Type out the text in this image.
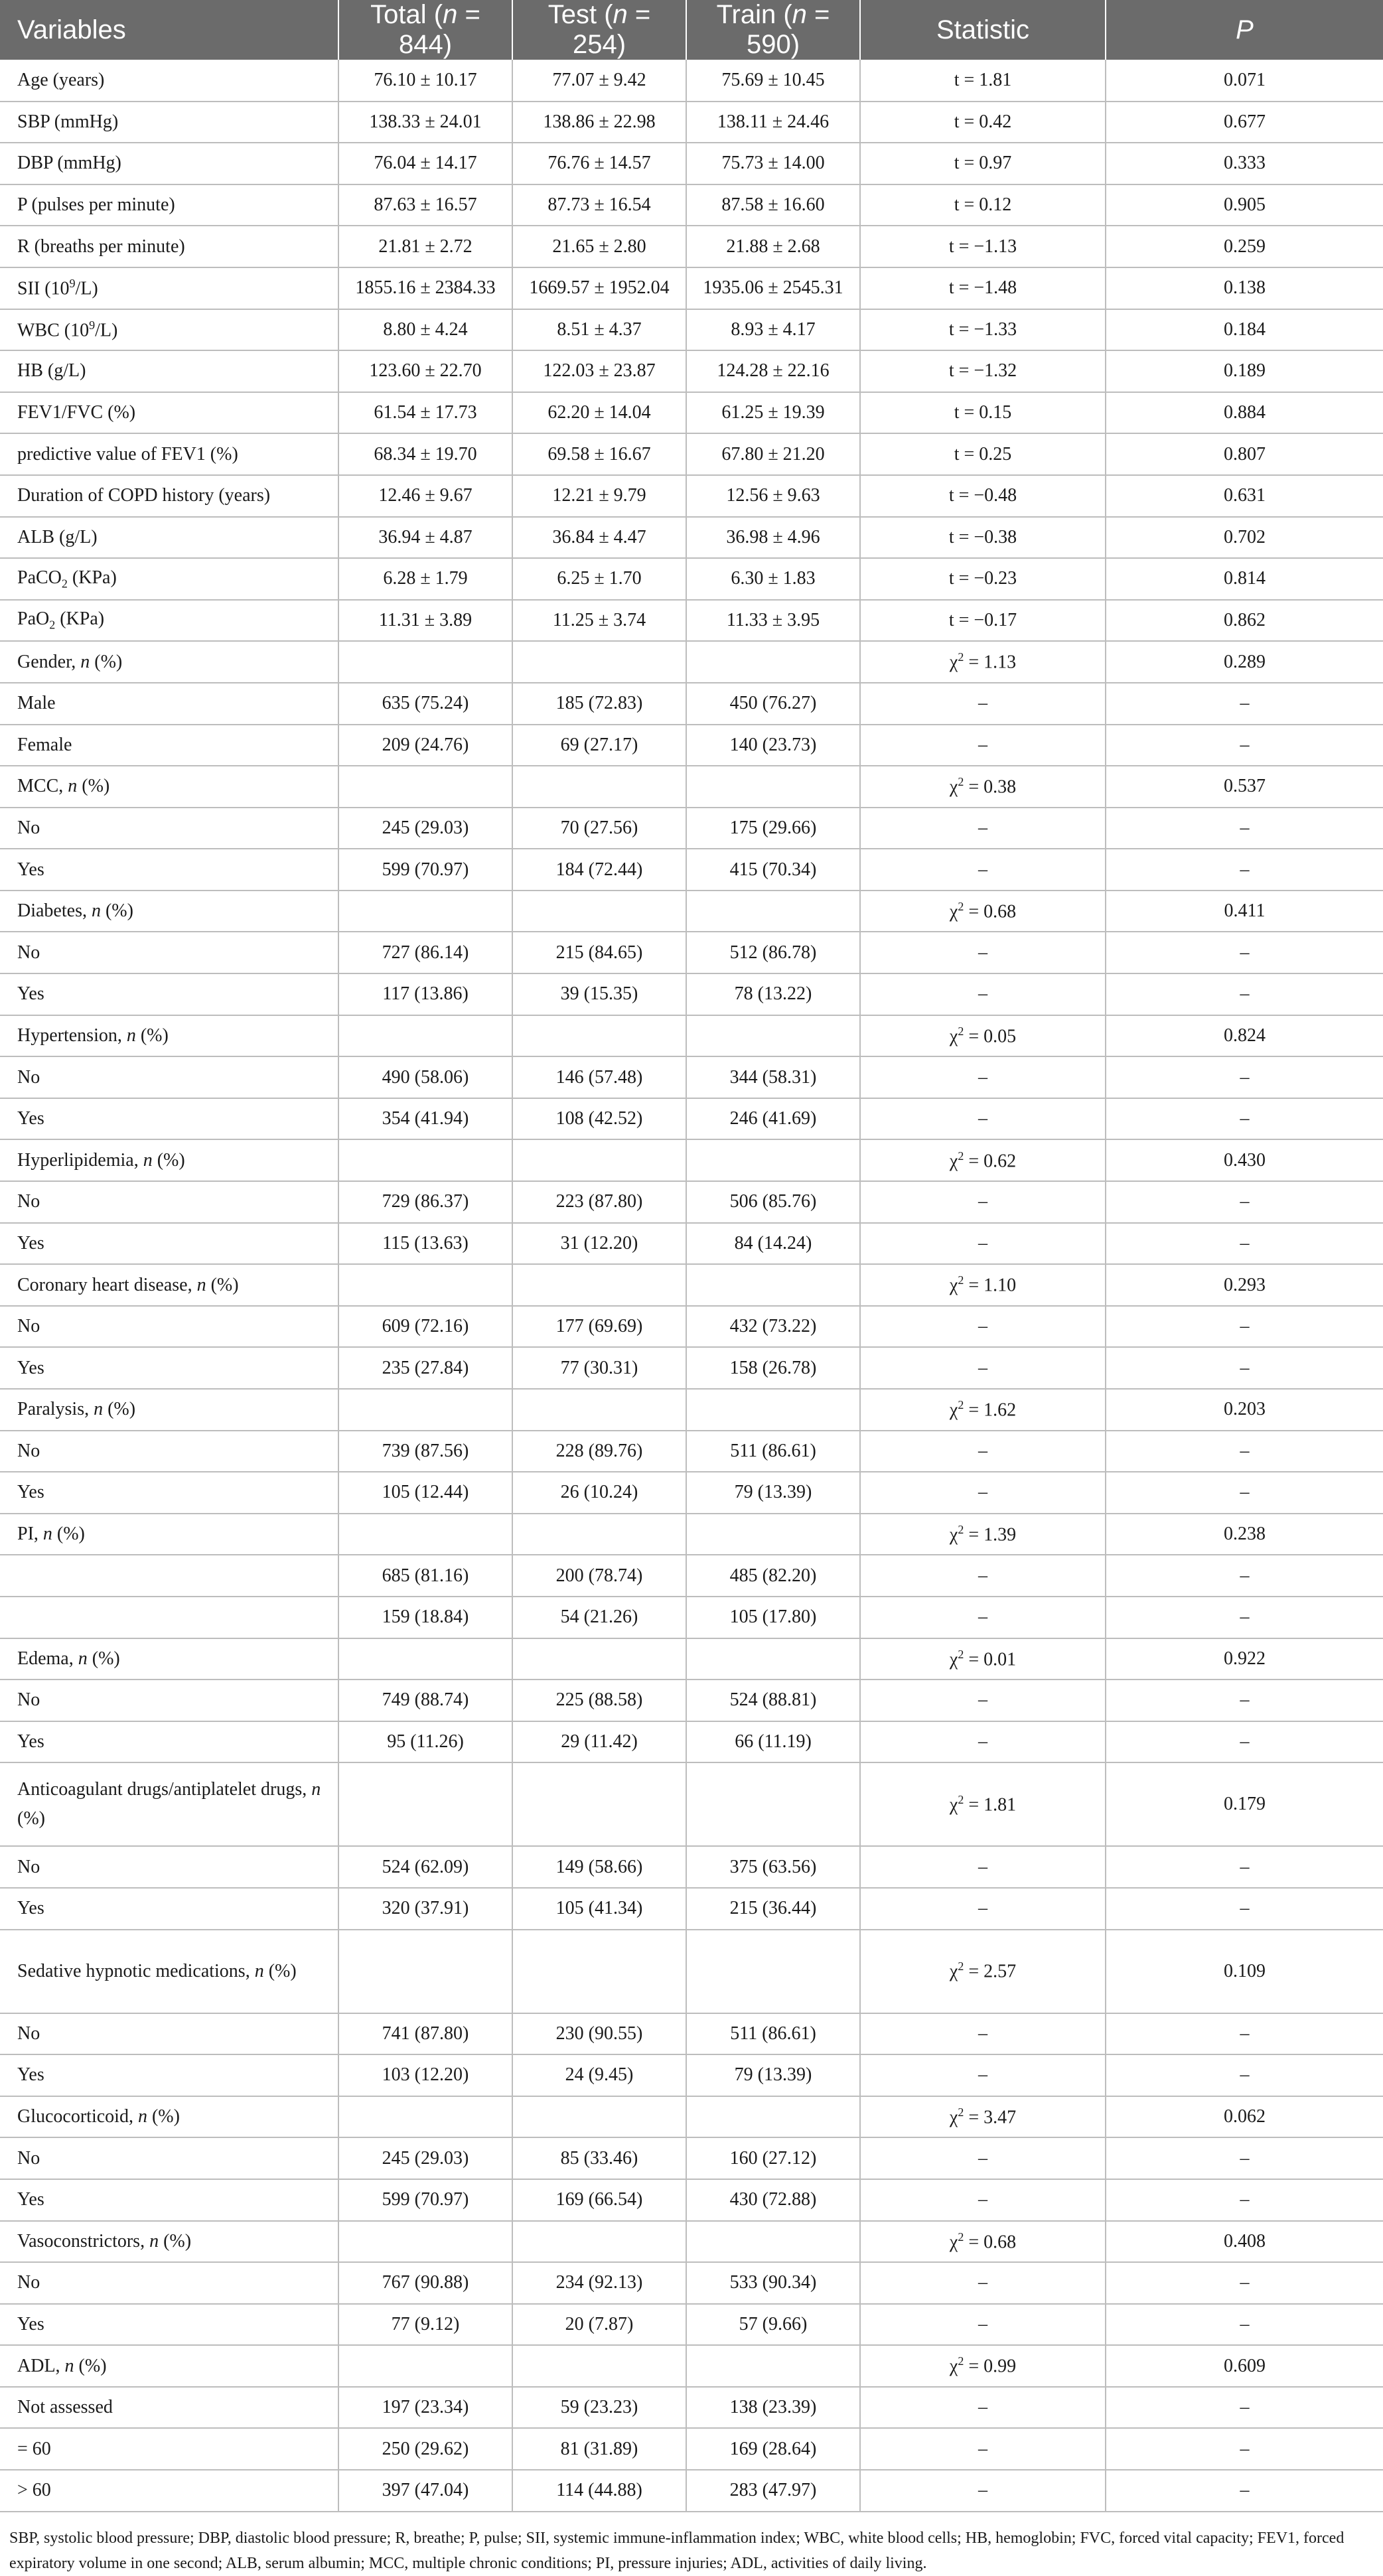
Variables	Total (n = 844)	Test (n = 254)	Train (n = 590)	Statistic	P
Age (years)	76.10 ± 10.17	77.07 ± 9.42	75.69 ± 10.45	t = 1.81	0.071
SBP (mmHg)	138.33 ± 24.01	138.86 ± 22.98	138.11 ± 24.46	t = 0.42	0.677
DBP (mmHg)	76.04 ± 14.17	76.76 ± 14.57	75.73 ± 14.00	t = 0.97	0.333
P (pulses per minute)	87.63 ± 16.57	87.73 ± 16.54	87.58 ± 16.60	t = 0.12	0.905
R (breaths per minute)	21.81 ± 2.72	21.65 ± 2.80	21.88 ± 2.68	t = −1.13	0.259
SII $(10^9/L)$	1855.16 ± 2384.33	1669.57 ± 1952.04	1935.06 ± 2545.31	t = −1.48	0.138
WBC $(10^9/L)$	8.80 ± 4.24	8.51 ± 4.37	8.93 ± 4.17	t = −1.33	0.184
HB (g/L)	123.60 ± 22.70	122.03 ± 23.87	124.28 ± 22.16	t = −1.32	0.189
FEV1/FVC (%)	61.54 ± 17.73	62.20 ± 14.04	61.25 ± 19.39	t = 0.15	0.884
predictive value of FEV1 (%)	68.34 ± 19.70	69.58 ± 16.67	67.80 ± 21.20	t = 0.25	0.807
Duration of COPD history (years)	12.46 ± 9.67	12.21 ± 9.79	12.56 ± 9.63	t = −0.48	0.631
ALB (g/L)	36.94 ± 4.87	36.84 ± 4.47	36.98 ± 4.96	t = −0.38	0.702
PaCO$_2$ (KPa)	6.28 ± 1.79	6.25 ± 1.70	6.30 ± 1.83	t = −0.23	0.814
PaO$_2$ (KPa)	11.31 ± 3.89	11.25 ± 3.74	11.33 ± 3.95	t = −0.17	0.862
Gender, n (%)				$\chi^2 = 1.13$	0.289
Male	635 (75.24)	185 (72.83)	450 (76.27)	–	–
Female	209 (24.76)	69 (27.17)	140 (23.73)	–	–
MCC, n (%)				$\chi^2 = 0.38$	0.537
No	245 (29.03)	70 (27.56)	175 (29.66)	–	–
Yes	599 (70.97)	184 (72.44)	415 (70.34)	–	–
Diabetes, n (%)				$\chi^2 = 0.68$	0.411
No	727 (86.14)	215 (84.65)	512 (86.78)	–	–
Yes	117 (13.86)	39 (15.35)	78 (13.22)	–	–
Hypertension, n (%)				$\chi^2 = 0.05$	0.824
No	490 (58.06)	146 (57.48)	344 (58.31)	–	–
Yes	354 (41.94)	108 (42.52)	246 (41.69)	–	–
Hyperlipidemia, n (%)				$\chi^2 = 0.62$	0.430
No	729 (86.37)	223 (87.80)	506 (85.76)	–	–
Yes	115 (13.63)	31 (12.20)	84 (14.24)	–	–
Coronary heart disease, n (%)				$\chi^2 = 1.10$	0.293
No	609 (72.16)	177 (69.69)	432 (73.22)	–	–
Yes	235 (27.84)	77 (30.31)	158 (26.78)	–	–
Paralysis, n (%)				$\chi^2 = 1.62$	0.203
No	739 (87.56)	228 (89.76)	511 (86.61)	–	–
Yes	105 (12.44)	26 (10.24)	79 (13.39)	–	–
PI, n (%)				$\chi^2 = 1.39$	0.238
	685 (81.16)	200 (78.74)	485 (82.20)	–	–
	159 (18.84)	54 (21.26)	105 (17.80)	–	–
Edema, n (%)				$\chi^2 = 0.01$	0.922
No	749 (88.74)	225 (88.58)	524 (88.81)	–	–
Yes	95 (11.26)	29 (11.42)	66 (11.19)	–	–
Anticoagulant drugs/antiplatelet drugs, n (%)				$\chi^2 = 1.81$	0.179
No	524 (62.09)	149 (58.66)	375 (63.56)	–	–
Yes	320 (37.91)	105 (41.34)	215 (36.44)	–	–
Sedative hypnotic medications, n (%)				$\chi^2 = 2.57$	0.109
No	741 (87.80)	230 (90.55)	511 (86.61)	–	–
Yes	103 (12.20)	24 (9.45)	79 (13.39)	–	–
Glucocorticoid, n (%)				$\chi^2 = 3.47$	0.062
No	245 (29.03)	85 (33.46)	160 (27.12)	–	–
Yes	599 (70.97)	169 (66.54)	430 (72.88)	–	–
Vasoconstrictors, n (%)				$\chi^2 = 0.68$	0.408
No	767 (90.88)	234 (92.13)	533 (90.34)	–	–
Yes	77 (9.12)	20 (7.87)	57 (9.66)	–	–
ADL, n (%)				$\chi^2 = 0.99$	0.609
Not assessed	197 (23.34)	59 (23.23)	138 (23.39)	–	–
= 60	250 (29.62)	81 (31.89)	169 (28.64)	–	–
> 60	397 (47.04)	114 (44.88)	283 (47.97)	–	–
SBP, systolic blood pressure; DBP, diastolic blood pressure; R, breathe; P, pulse; SII, systemic immune-inflammation index; WBC, white blood cells; HB, hemoglobin; FVC, forced vital capacity; FEV1, forced expiratory volume in one second; ALB, serum albumin; MCC, multiple chronic conditions; PI, pressure injuries; ADL, activities of daily living.
